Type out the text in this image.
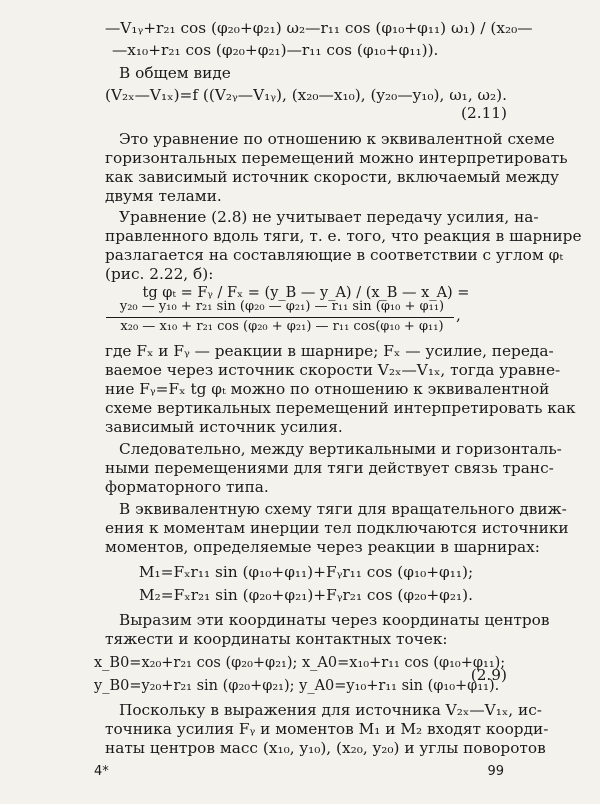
—V₁ᵧ+r₂₁ cos (φ₂₀+φ₂₁) ω₂—r₁₁ cos (φ₁₀+φ₁₁) ω₁) / (x₂₀—
—x₁₀+r₂₁ cos (φ₂₀+φ₂₁)—r₁₁ cos (φ₁₀+φ₁₁)).
В общем виде
(V₂ₓ—V₁ₓ)=f ((V₂ᵧ—V₁ᵧ), (x₂₀—x₁₀), (y₂₀—y₁₀), ω₁, ω₂).
(2.11)
Это уравнение по отношению к эквивалентной схеме
горизонтальных перемещений можно интерпретировать
как зависимый источник скорости, включаемый между
двумя телами.
Уравнение (2.8) не учитывает передачу усилия, на-
правленного вдоль тяги, т. е. того, что реакция в шарнире
разлагается на составляющие в соответствии с углом φₜ
(рис. 2.22, б):
tg φₜ = Fᵧ / Fₓ = (y_B — y_A) / (x_B — x_A) =
y₂₀ — y₁₀ + r₂₁ sin (φ₂₀ — φ₂₁) — r₁₁ sin (φ₁₀ + φ₁₁)
x₂₀ — x₁₀ + r₂₁ cos (φ₂₀ + φ₂₁) — r₁₁ cos(φ₁₀ + φ₁₁)
,
где Fₓ и Fᵧ — реакции в шарнире; Fₓ — усилие, переда-
ваемое через источник скорости V₂ₓ—V₁ₓ, тогда уравне-
ние Fᵧ=Fₓ tg φₜ можно по отношению к эквивалентной
схеме вертикальных перемещений интерпретировать как
зависимый источник усилия.
Следовательно, между вертикальными и горизонталь-
ными перемещениями для тяги действует связь транс-
форматорного типа.
В эквивалентную схему тяги для вращательного движ-
ения к моментам инерции тел подключаются источники
моментов, определяемые через реакции в шарнирах:
M₁=Fₓr₁₁ sin (φ₁₀+φ₁₁)+Fᵧr₁₁ cos (φ₁₀+φ₁₁);
M₂=Fₓr₂₁ sin (φ₂₀+φ₂₁)+Fᵧr₂₁ cos (φ₂₀+φ₂₁).
Выразим эти координаты через координаты центров
тяжести и координаты контактных точек:
x_B0=x₂₀+r₂₁ cos (φ₂₀+φ₂₁); x_A0=x₁₀+r₁₁ cos (φ₁₀+φ₁₁);
y_B0=y₂₀+r₂₁ sin (φ₂₀+φ₂₁); y_A0=y₁₀+r₁₁ sin (φ₁₀+φ₁₁).
(2.9)
Поскольку в выражения для источника V₂ₓ—V₁ₓ, ис-
точника усилия Fᵧ и моментов M₁ и M₂ входят коорди-
наты центров масс (x₁₀, y₁₀), (x₂₀, y₂₀) и углы поворотов
4*	99
